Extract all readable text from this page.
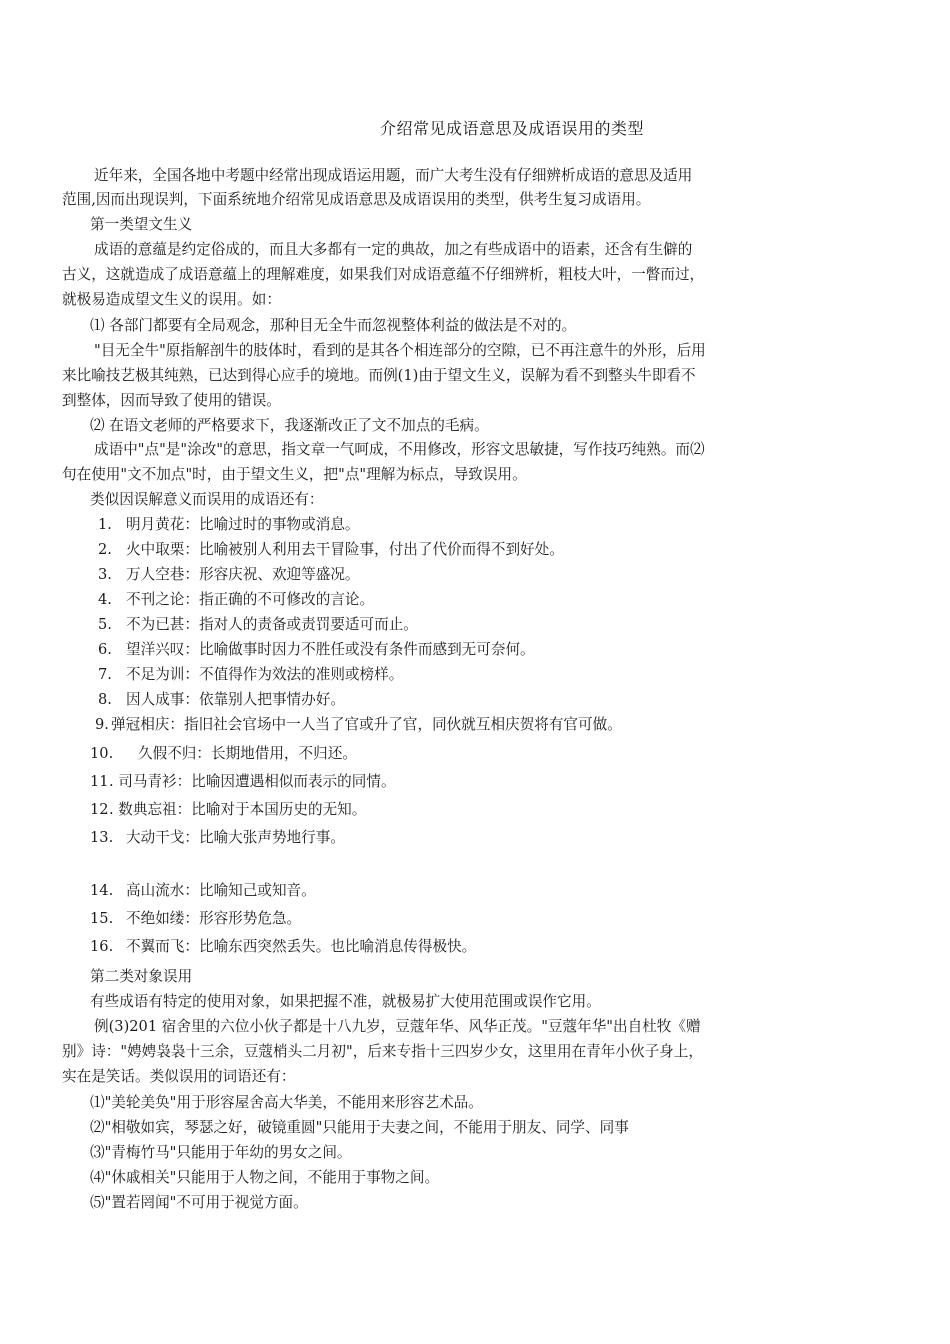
介绍常见成语意思及成语误用的类型
近年来，全国各地中考题中经常出现成语运用题，而广大考生没有仔细辨析成语的意思及适用
范围,因而出现误判，下面系统地介绍常见成语意思及成语误用的类型，供考生复习成语用。
第一类望文生义
成语的意蕴是约定俗成的，而且大多都有一定的典故，加之有些成语中的语素，还含有生僻的
古义，这就造成了成语意蕴上的理解难度，如果我们对成语意蕴不仔细辨析，粗枝大叶，一瞥而过，
就极易造成望文生义的误用。如：
⑴ 各部门都要有全局观念，那种目无全牛而忽视整体利益的做法是不对的。
"目无全牛"原指解剖牛的肢体时，看到的是其各个相连部分的空隙，已不再注意牛的外形，后用
来比喻技艺极其纯熟，已达到得心应手的境地。而例(1)由于望文生义，误解为看不到整头牛即看不
到整体，因而导致了使用的错误。
⑵ 在语文老师的严格要求下，我逐渐改正了文不加点的毛病。
成语中"点"是"涂改"的意思，指文章一气呵成，不用修改，形容文思敏捷，写作技巧纯熟。而⑵
句在使用"文不加点"时，由于望文生义，把"点"理解为标点，导致误用。
类似因误解意义而误用的成语还有：
1. 明月黄花：比喻过时的事物或消息。
2. 火中取栗：比喻被别人利用去干冒险事，付出了代价而得不到好处。
3. 万人空巷：形容庆祝、欢迎等盛况。
4. 不刊之论：指正确的不可修改的言论。
5. 不为已甚：指对人的责备或责罚要适可而止。
6. 望洋兴叹：比喻做事时因力不胜任或没有条件而感到无可奈何。
7. 不足为训：不值得作为效法的准则或榜样。
8. 因人成事：依靠别人把事情办好。
9. 弹冠相庆：指旧社会官场中一人当了官或升了官，同伙就互相庆贺将有官可做。
10. 久假不归：长期地借用，不归还。
11. 司马青衫：比喻因遭遇相似而表示的同情。
12. 数典忘祖：比喻对于本国历史的无知。
13. 大动干戈：比喻大张声势地行事。
14. 高山流水：比喻知己或知音。
15. 不绝如缕：形容形势危急。
16. 不翼而飞：比喻东西突然丢失。也比喻消息传得极快。
第二类对象误用
有些成语有特定的使用对象，如果把握不准，就极易扩大使用范围或误作它用。
例(3)201 宿舍里的六位小伙子都是十八九岁，豆蔻年华、风华正茂。"豆蔻年华"出自杜牧《赠
别》诗："娉娉袅袅十三余，豆蔻梢头二月初"，后来专指十三四岁少女，这里用在青年小伙子身上，
实在是笑话。类似误用的词语还有：
⑴"美轮美奂"用于形容屋舍高大华美，不能用来形容艺术品。
⑵"相敬如宾，琴瑟之好，破镜重圆"只能用于夫妻之间，不能用于朋友、同学、同事
⑶"青梅竹马"只能用于年幼的男女之间。
⑷"休戚相关"只能用于人物之间，不能用于事物之间。
⑸"置若罔闻"不可用于视觉方面。
